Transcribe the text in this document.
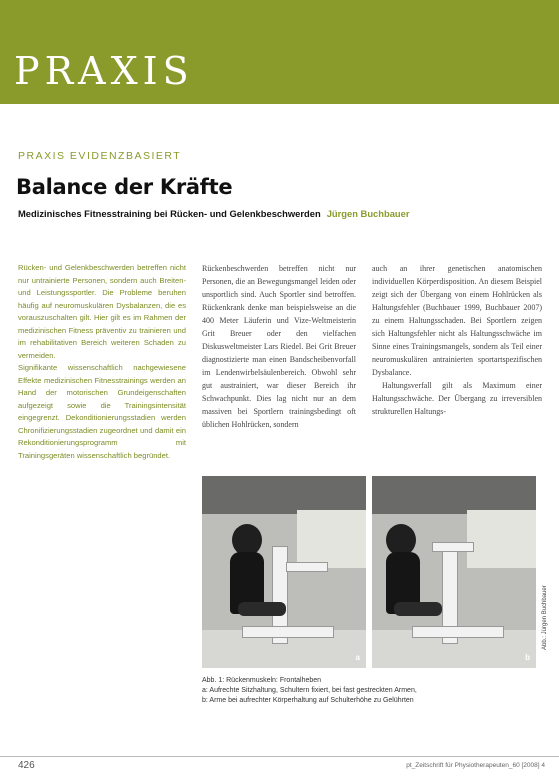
PRAXIS
PRAXIS EVIDENZBASIERT
Balance der Kräfte
Medizinisches Fitnesstraining bei Rücken- und Gelenkbeschwerden Jürgen Buchbauer

Rücken- und Gelenkbeschwerden betreffen nicht nur untrainierte Personen, sondern auch Breiten- und Leistungssportler. Die Probleme beruhen häufig auf neuromuskulären Dysbalanzen, die es vorauszuschalten gilt. Hier gilt es im Rahmen der medizinischen Fitness präventiv zu trainieren und im rehabilitativen Bereich weiteren Schaden zu vermeiden.

Signifikante wissenschaftlich nachgewiesene Effekte medizinischen Fitnesstrainings werden an Hand der motorischen Grundeigenschaften aufgezeigt sowie die Trainingsintensität eingegrenzt. Dekonditionierungsstadien werden Chronifizierungsstadien zugeordnet und damit ein Rekonditionierungsprogramm mit Trainingsgeräten wissenschaftlich begründet.

Rückenbeschwerden betreffen nicht nur Personen, die an Bewegungsmangel leiden oder unsportlich sind. Auch Sportler sind betroffen. Rückenkrank denke man beispielsweise an die 400 Meter Läuferin und Vize-Weltmeisterin Grit Breuer oder den vielfachen Diskusweltmeister Lars Riedel. Bei Grit Breuer diagnostizierte man einen Bandscheibenvorfall im Lendenwirbelsäulenbereich. Obwohl sehr gut austrainiert, war dieser Bereich ihr Schwachpunkt. Dies lag nicht nur an dem massiven bei Sportlern trainingsbedingt oft üblichen Hohlrücken, sondern

auch an ihrer genetischen anatomischen individuellen Körperdisposition. An diesem Beispiel zeigt sich der Übergang von einem Hohlrücken als Haltungsfehler (Buchbauer 1999, Buchbauer 2007) zu einem Haltungsschaden. Bei Sportlern zeigen sich Haltungsfehler nicht als Haltungsschwäche im Sinne eines Trainingsmangels, sondern als Teil einer neuromuskulären antrainierten sportartspezifischen Dysbalance.

Haltungsverfall gilt als Maximum einer Haltungsschwäche. Der Übergang zu irreversiblen strukturellen Haltungs-

a	b
Abb.: Jürgen Buchbauer
Abb. 1: Rückenmuskeln: Frontalheben
a: Aufrechte Sitzhaltung, Schultern fixiert, bei fast gestreckten Armen,
b: Arme bei aufrechter Körperhaltung auf Schulterhöhe zu Gelührten
426	pt_Zeitschrift für Physiotherapeuten_60 [2008] 4
